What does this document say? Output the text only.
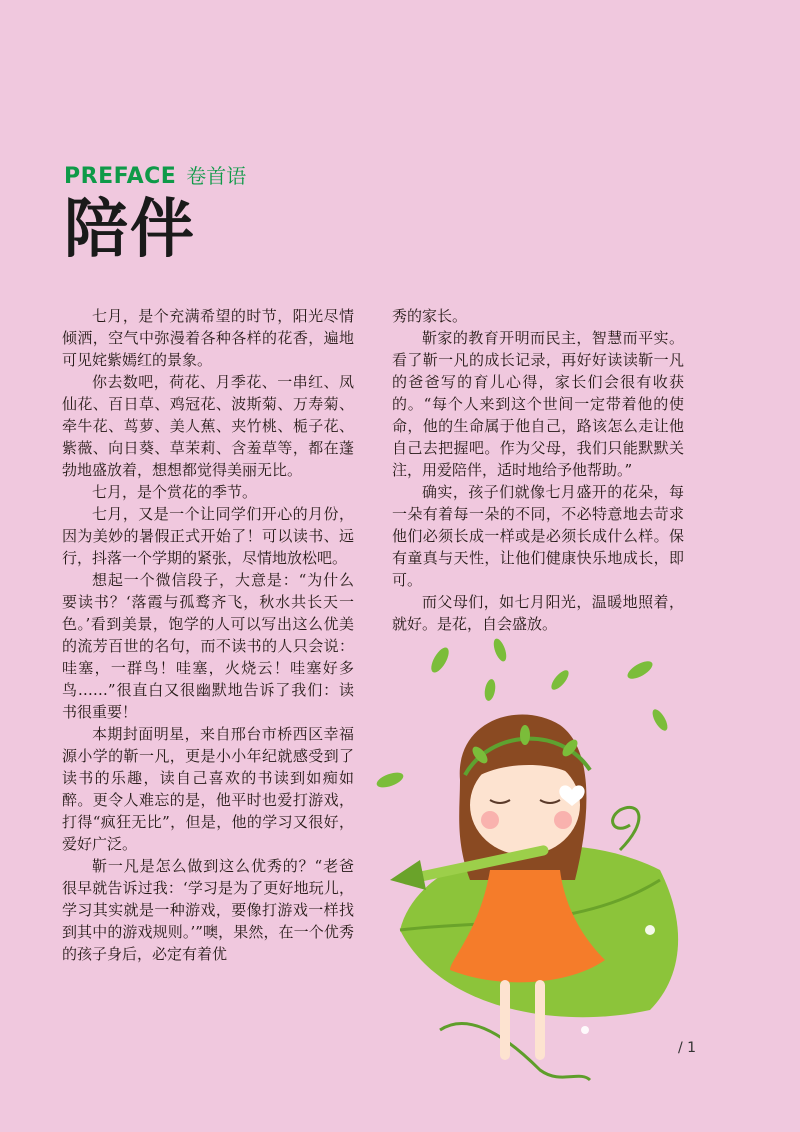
PREFACE 卷首语
陪伴

七月，是个充满希望的时节，阳光尽情倾洒，空气中弥漫着各种各样的花香，遍地可见姹紫嫣红的景象。

你去数吧，荷花、月季花、一串红、凤仙花、百日草、鸡冠花、波斯菊、万寿菊、牵牛花、茑萝、美人蕉、夹竹桃、栀子花、紫薇、向日葵、草茉莉、含羞草等，都在蓬勃地盛放着，想想都觉得美丽无比。

七月，是个赏花的季节。

七月，又是一个让同学们开心的月份，因为美妙的暑假正式开始了！可以读书、远行，抖落一个学期的紧张，尽情地放松吧。

想起一个微信段子，大意是：“为什么要读书？‘落霞与孤鹜齐飞，秋水共长天一色。’看到美景，饱学的人可以写出这么优美的流芳百世的名句，而不读书的人只会说：哇塞，一群鸟！哇塞，火烧云！哇塞好多鸟……”很直白又很幽默地告诉了我们：读书很重要！

本期封面明星，来自邢台市桥西区幸福源小学的靳一凡，更是小小年纪就感受到了读书的乐趣，读自己喜欢的书读到如痴如醉。更令人难忘的是，他平时也爱打游戏，打得“疯狂无比”，但是，他的学习又很好，爱好广泛。

靳一凡是怎么做到这么优秀的？“老爸很早就告诉过我：‘学习是为了更好地玩儿，学习其实就是一种游戏，要像打游戏一样找到其中的游戏规则。’”噢，果然，在一个优秀的孩子身后，必定有着优

秀的家长。

靳家的教育开明而民主，智慧而平实。看了靳一凡的成长记录，再好好读读靳一凡的爸爸写的育儿心得，家长们会很有收获的。“每个人来到这个世间一定带着他的使命，他的生命属于他自己，路该怎么走让他自己去把握吧。作为父母，我们只能默默关注，用爱陪伴，适时地给予他帮助。”

确实，孩子们就像七月盛开的花朵，每一朵有着每一朵的不同，不必特意地去苛求他们必须长成一样或是必须长成什么样。保有童真与天性，让他们健康快乐地成长，即可。

而父母们，如七月阳光，温暖地照着，就好。是花，自会盛放。

/ 1
